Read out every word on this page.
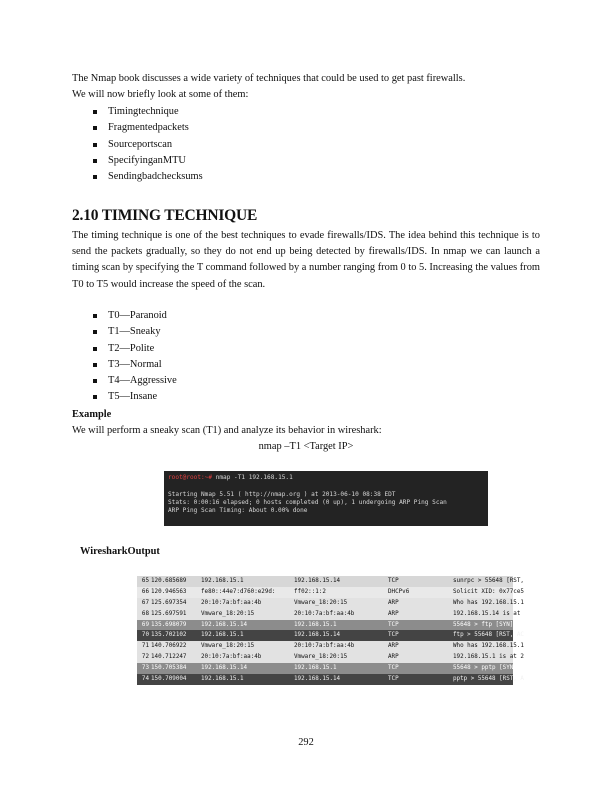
The Nmap book discusses a wide variety of techniques that could be used to get past firewalls.
We will now briefly look at some of them:

Timingtechnique
Fragmentedpackets
Sourceportscan
SpecifyinganMTU
Sendingbadchecksums
2.10 TIMING TECHNIQUE

The timing technique is one of the best techniques to evade firewalls/IDS. The idea behind this technique is to send the packets gradually, so they do not end up being detected by firewalls/IDS. In nmap we can launch a timing scan by specifying the T command followed by a number ranging from 0 to 5. Increasing the values from T0 to T5 would increase the speed of the scan.

T0—Paranoid
T1—Sneaky
T2—Polite
T3—Normal
T4—Aggressive
T5—Insane
Example
We will perform a sneaky scan (T1) and analyze its behavior in wireshark:
nmap –T1 <Target IP>
root@root:~# nmap -T1 192.168.15.1

Starting Nmap 5.51 ( http://nmap.org ) at 2013-06-10 08:38 EDT
Stats: 0:00:16 elapsed; 0 hosts completed (0 up), 1 undergoing ARP Ping Scan
ARP Ping Scan Timing: About 0.00% done
WiresharkOutput
65 120.685689	192.168.15.1	192.168.15.14	TCP	sunrpc > 55648 [RST,
66 120.946563	fe80::44e7:d760:e29d:	ff02::1:2	DHCPv6	Solicit XID: 0x77ce5
67 125.697354	20:10:7a:bf:aa:4b	Vmware_18:20:15	ARP	Who has 192.168.15.1
68 125.697591	Vmware_18:20:15	20:10:7a:bf:aa:4b	ARP	192.168.15.14 is at
69 135.698079	192.168.15.14	192.168.15.1	TCP	55648 > ftp [SYN] Se
70 135.702102	192.168.15.1	192.168.15.14	TCP	ftp > 55648 [RST, AC
71 140.706922	Vmware_18:20:15	20:10:7a:bf:aa:4b	ARP	Who has 192.168.15.1
72 140.712247	20:10:7a:bf:aa:4b	Vmware_18:20:15	ARP	192.168.15.1 is at 2
73 150.705384	192.168.15.14	192.168.15.1	TCP	55648 > pptp [SYN] S
74 150.709004	192.168.15.1	192.168.15.14	TCP	pptp > 55648 [RST, A
292
